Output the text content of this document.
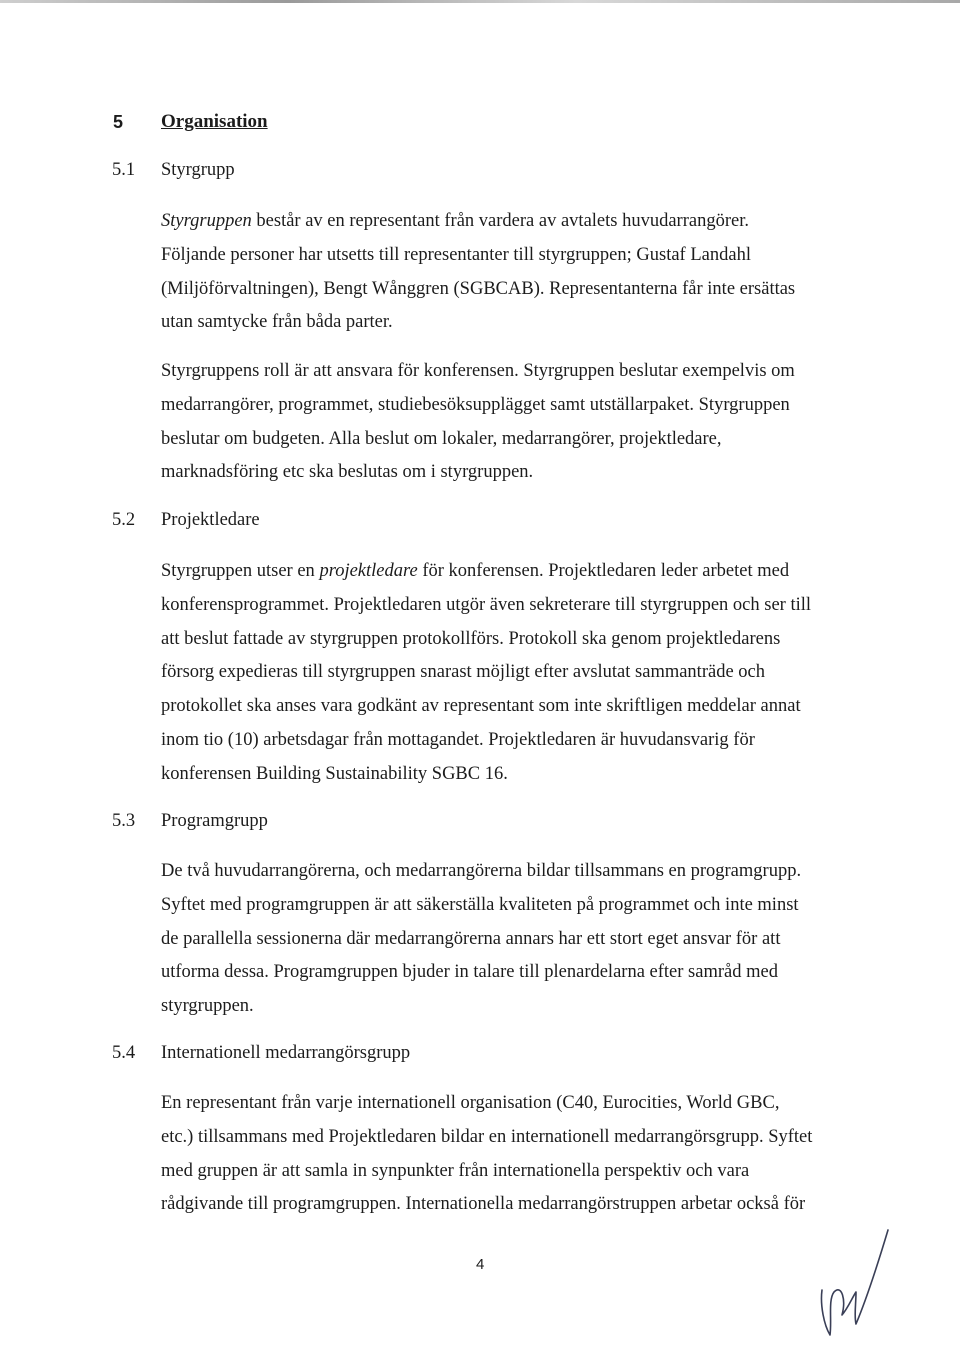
5 Organisation
5.1 Styrgrupp
Styrgruppen består av en representant från vardera av avtalets huvudarrangörer.
Följande personer har utsetts till representanter till styrgruppen; Gustaf Landahl
(Miljöförvaltningen), Bengt Wånggren (SGBCAB). Representanterna får inte ersättas
utan samtycke från båda parter.
Styrgruppens roll är att ansvara för konferensen. Styrgruppen beslutar exempelvis om
medarrangörer, programmet, studiebesöksupplägget samt utställarpaket. Styrgruppen
beslutar om budgeten. Alla beslut om lokaler, medarrangörer, projektledare,
marknadsföring etc ska beslutas om i styrgruppen.
5.2 Projektledare
Styrgruppen utser en projektledare för konferensen. Projektledaren leder arbetet med
konferensprogrammet. Projektledaren utgör även sekreterare till styrgruppen och ser till
att beslut fattade av styrgruppen protokollförs. Protokoll ska genom projektledarens
försorg expedieras till styrgruppen snarast möjligt efter avslutat sammanträde och
protokollet ska anses vara godkänt av representant som inte skriftligen meddelar annat
inom tio (10) arbetsdagar från mottagandet. Projektledaren är huvudansvarig för
konferensen Building Sustainability SGBC 16.
5.3 Programgrupp
De två huvudarrangörerna, och medarrangörerna bildar tillsammans en programgrupp.
Syftet med programgruppen är att säkerställa kvaliteten på programmet och inte minst
de parallella sessionerna där medarrangörerna annars har ett stort eget ansvar för att
utforma dessa. Programgruppen bjuder in talare till plenardelarna efter samråd med
styrgruppen.
5.4 Internationell medarrangörsgrupp
En representant från varje internationell organisation (C40, Eurocities, World GBC,
etc.) tillsammans med Projektledaren bildar en internationell medarrangörsgrupp. Syftet
med gruppen är att samla in synpunkter från internationella perspektiv och vara
rådgivande till programgruppen. Internationella medarrangörstruppen arbetar också för
4
